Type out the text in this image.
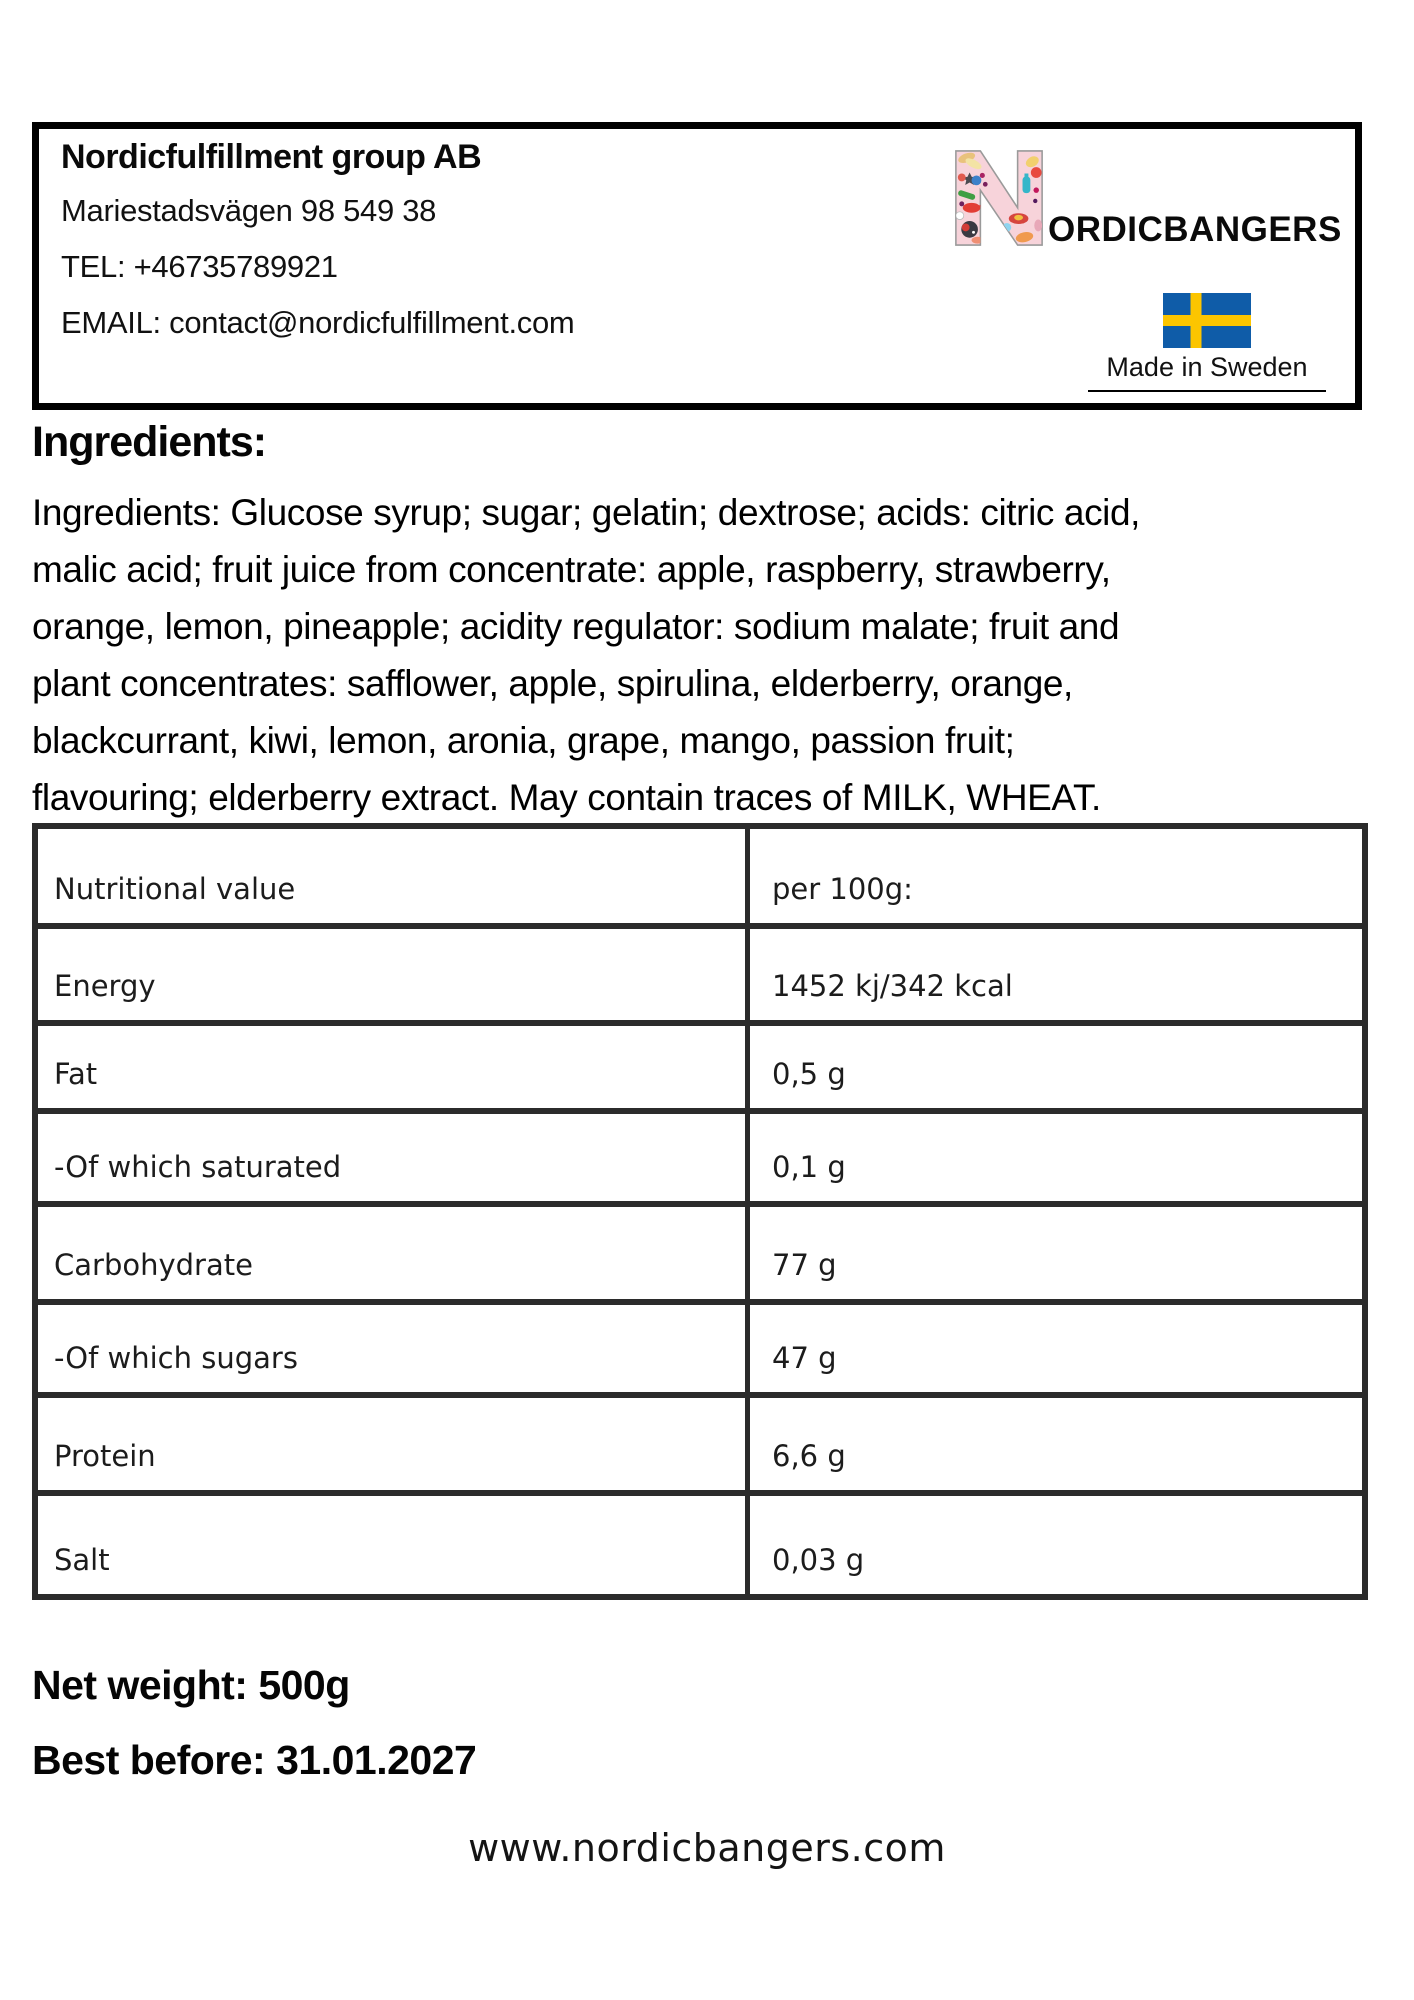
Nordicfulfillment group AB
Mariestadsvägen 98 549 38
TEL: +46735789921
EMAIL: contact@nordicfulfillment.com
ORDICBANGERS
Made in Sweden
Ingredients:
Ingredients: Glucose syrup; sugar; gelatin; dextrose; acids: citric acid,
malic acid; fruit juice from concentrate: apple, raspberry, strawberry,
orange, lemon, pineapple; acidity regulator: sodium malate; fruit and
plant concentrates: safflower, apple, spirulina, elderberry, orange,
blackcurrant, kiwi, lemon, aronia, grape, mango, passion fruit;
flavouring; elderberry extract. May contain traces of MILK, WHEAT.
Nutritional value	per 100g:
Energy	1452 kj/342 kcal
Fat	0,5 g
-Of which saturated	0,1 g
Carbohydrate	77 g
-Of which sugars	47 g
Protein	6,6 g
Salt	0,03 g
Net weight: 500g
Best before: 31.01.2027
www.nordicbangers.com
